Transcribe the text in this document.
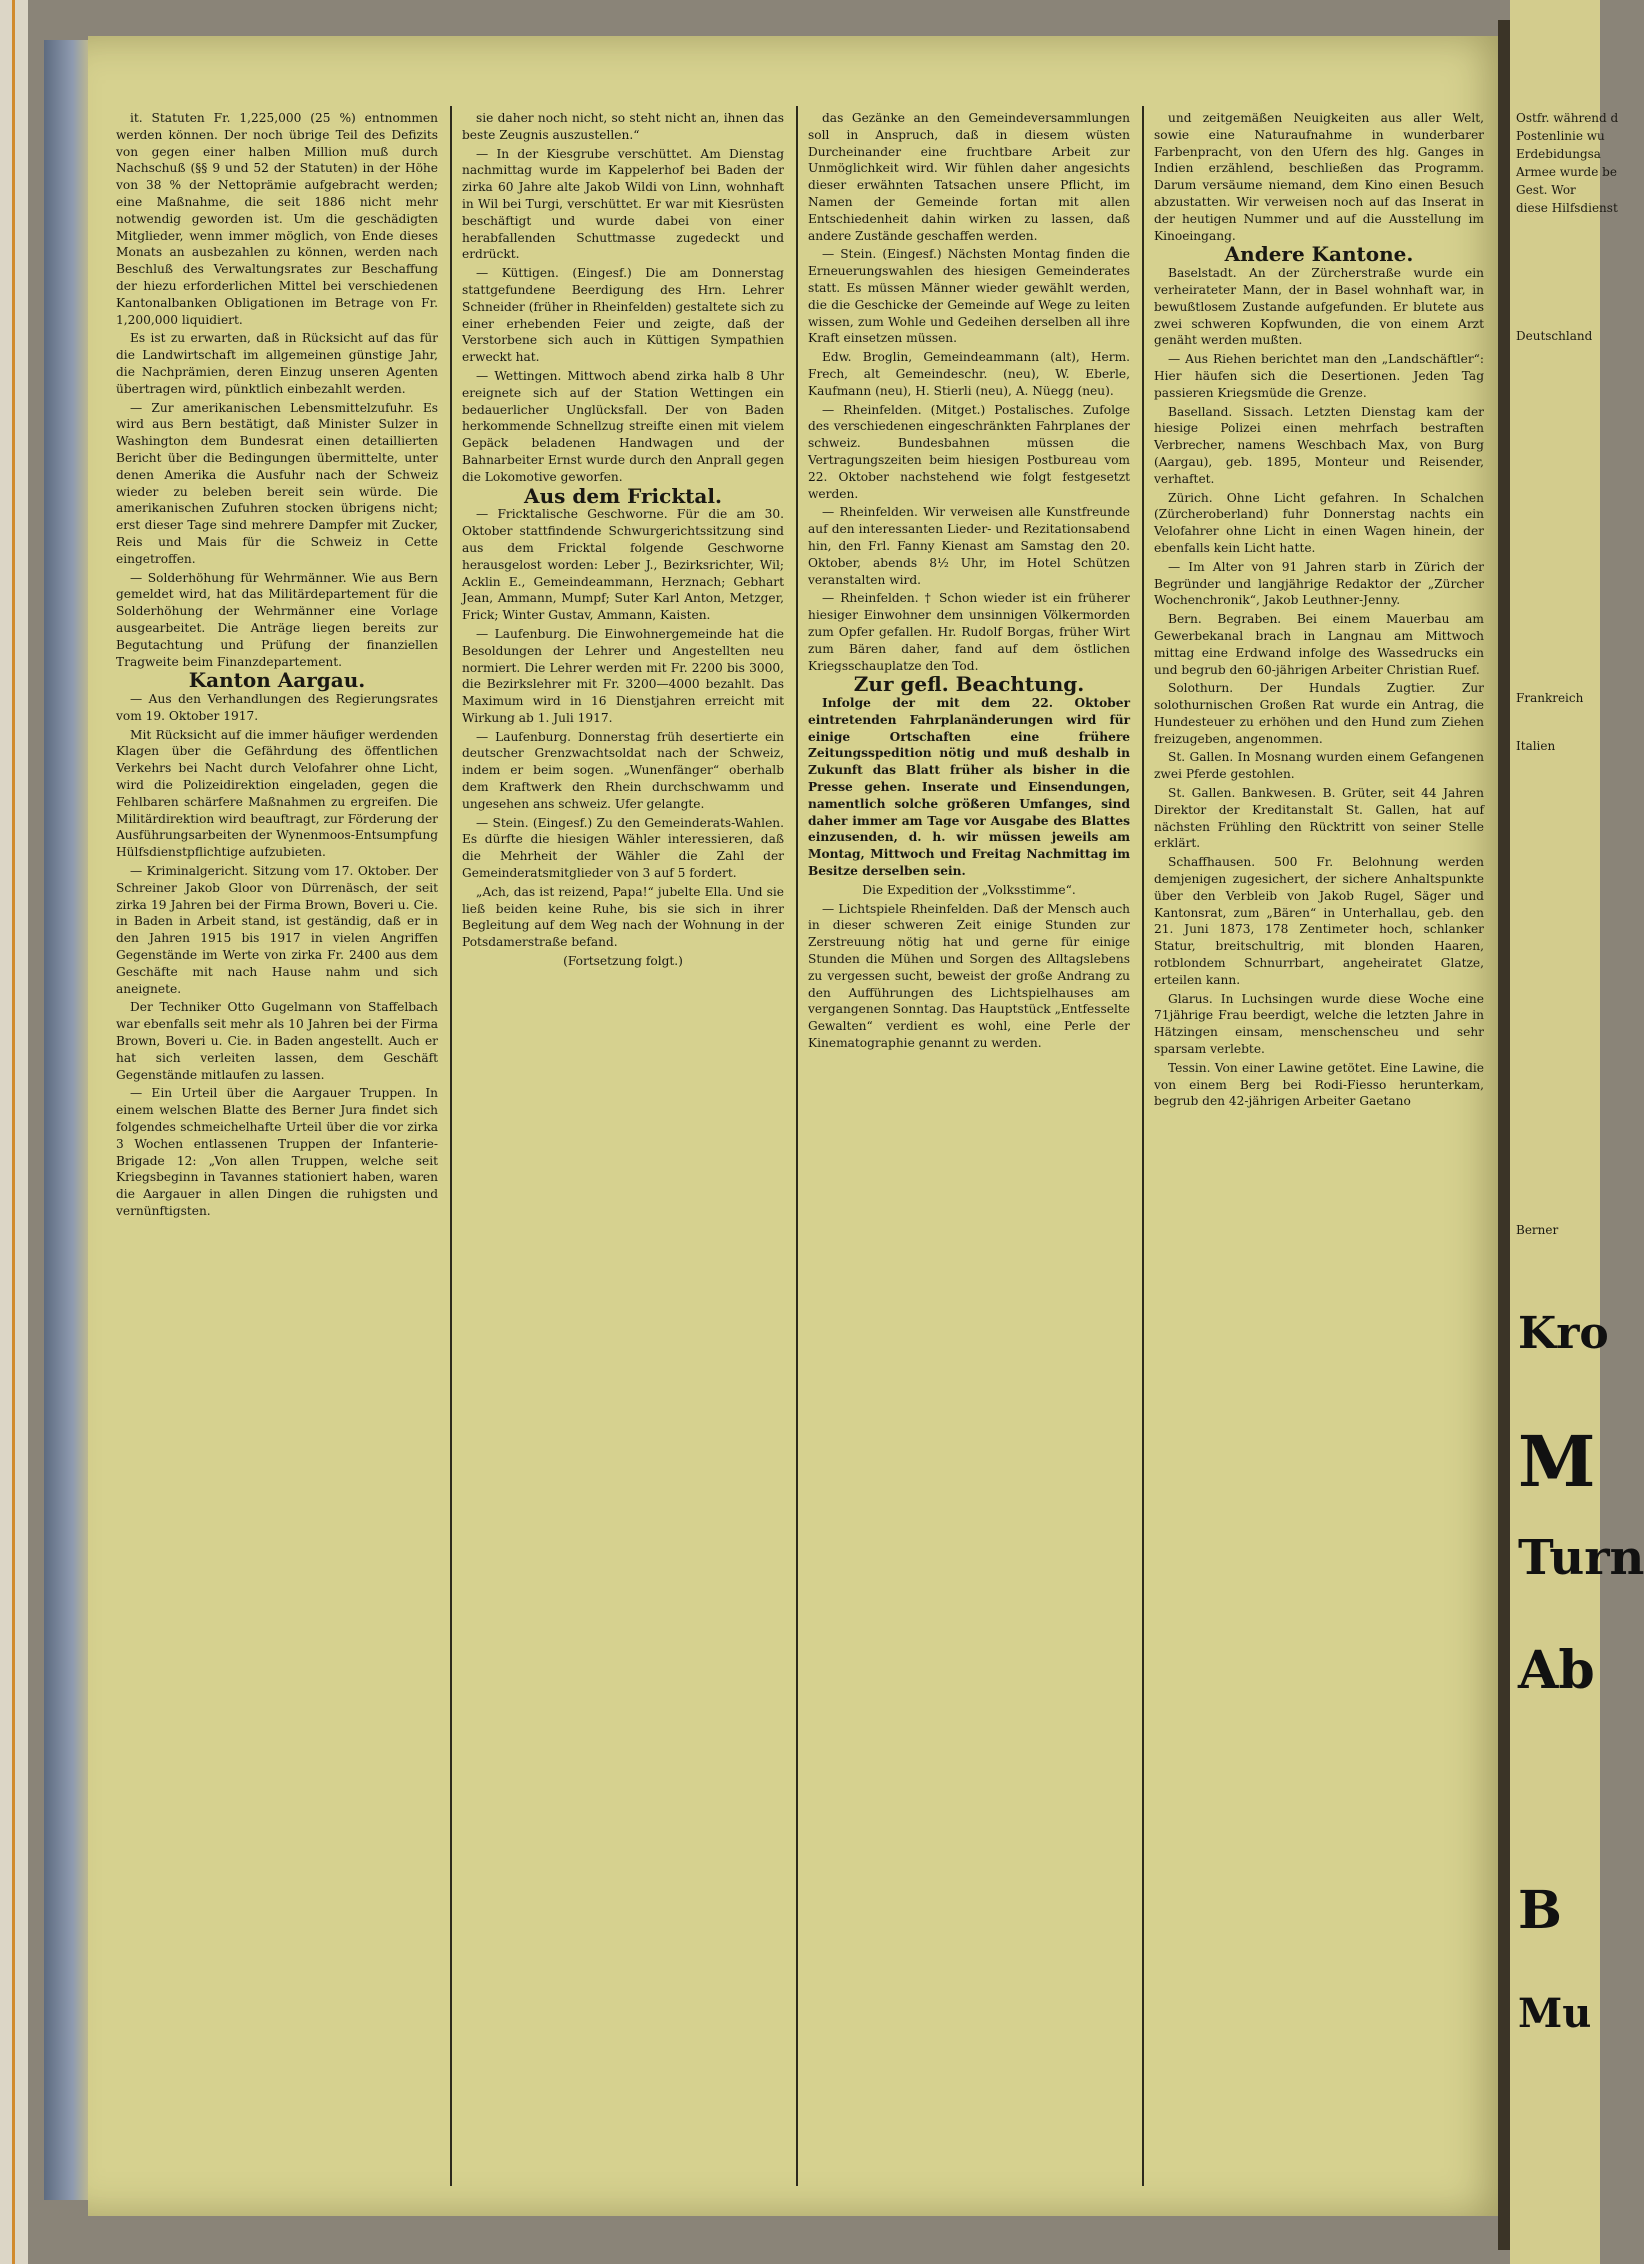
it. Statuten Fr. 1,225,000 (25 %) entnommen werden können. Der noch übrige Teil des Defizits von gegen einer halben Million muß durch Nachschuß (§§ 9 und 52 der Statuten) in der Höhe von 38 % der Nettoprämie aufgebracht werden; eine Maßnahme, die seit 1886 nicht mehr notwendig geworden ist. Um die geschädigten Mitglieder, wenn immer möglich, von Ende dieses Monats an ausbezahlen zu können, werden nach Beschluß des Verwaltungsrates zur Beschaffung der hiezu erforderlichen Mittel bei verschiedenen Kantonalbanken Obligationen im Betrage von Fr. 1,200,000 liquidiert.

Es ist zu erwarten, daß in Rücksicht auf das für die Landwirtschaft im allgemeinen günstige Jahr, die Nachprämien, deren Einzug unseren Agenten übertragen wird, pünktlich einbezahlt werden.

— Zur amerikanischen Lebensmittelzufuhr. Es wird aus Bern bestätigt, daß Minister Sulzer in Washington dem Bundesrat einen detaillierten Bericht über die Bedingungen übermittelte, unter denen Amerika die Ausfuhr nach der Schweiz wieder zu beleben bereit sein würde. Die amerikanischen Zufuhren stocken übrigens nicht; erst dieser Tage sind mehrere Dampfer mit Zucker, Reis und Mais für die Schweiz in Cette eingetroffen.

— Solderhöhung für Wehrmänner. Wie aus Bern gemeldet wird, hat das Militärdepartement für die Solderhöhung der Wehrmänner eine Vorlage ausgearbeitet. Die Anträge liegen bereits zur Begutachtung und Prüfung der finanziellen Tragweite beim Finanzdepartement.

Kanton Aargau.

— Aus den Verhandlungen des Regierungsrates vom 19. Oktober 1917.

Mit Rücksicht auf die immer häufiger werdenden Klagen über die Gefährdung des öffentlichen Verkehrs bei Nacht durch Velofahrer ohne Licht, wird die Polizeidirektion eingeladen, gegen die Fehlbaren schärfere Maßnahmen zu ergreifen. Die Militärdirektion wird beauftragt, zur Förderung der Ausführungsarbeiten der Wynenmoos-Entsumpfung Hülfsdienstpflichtige aufzubieten.

— Kriminalgericht. Sitzung vom 17. Oktober. Der Schreiner Jakob Gloor von Dürrenäsch, der seit zirka 19 Jahren bei der Firma Brown, Boveri u. Cie. in Baden in Arbeit stand, ist geständig, daß er in den Jahren 1915 bis 1917 in vielen Angriffen Gegenstände im Werte von zirka Fr. 2400 aus dem Geschäfte mit nach Hause nahm und sich aneignete.

Der Techniker Otto Gugelmann von Staffelbach war ebenfalls seit mehr als 10 Jahren bei der Firma Brown, Boveri u. Cie. in Baden angestellt. Auch er hat sich verleiten lassen, dem Geschäft Gegenstände mitlaufen zu lassen.

— Ein Urteil über die Aargauer Truppen. In einem welschen Blatte des Berner Jura findet sich folgendes schmeichelhafte Urteil über die vor zirka 3 Wochen entlassenen Truppen der Infanterie-Brigade 12: „Von allen Truppen, welche seit Kriegsbeginn in Tavannes stationiert haben, waren die Aargauer in allen Dingen die ruhigsten und vernünftigsten.

sie daher noch nicht, so steht nicht an, ihnen das beste Zeugnis auszustellen.“

— In der Kiesgrube verschüttet. Am Dienstag nachmittag wurde im Kappelerhof bei Baden der zirka 60 Jahre alte Jakob Wildi von Linn, wohnhaft in Wil bei Turgi, verschüttet. Er war mit Kiesrüsten beschäftigt und wurde dabei von einer herabfallenden Schuttmasse zugedeckt und erdrückt.

— Küttigen. (Eingesf.) Die am Donnerstag stattgefundene Beerdigung des Hrn. Lehrer Schneider (früher in Rheinfelden) gestaltete sich zu einer erhebenden Feier und zeigte, daß der Verstorbene sich auch in Küttigen Sympathien erweckt hat.

— Wettingen. Mittwoch abend zirka halb 8 Uhr ereignete sich auf der Station Wettingen ein bedauerlicher Unglücksfall. Der von Baden herkommende Schnellzug streifte einen mit vielem Gepäck beladenen Handwagen und der Bahnarbeiter Ernst wurde durch den Anprall gegen die Lokomotive geworfen.

Aus dem Fricktal.

— Fricktalische Geschworne. Für die am 30. Oktober stattfindende Schwurgerichtssitzung sind aus dem Fricktal folgende Geschworne herausgelost worden: Leber J., Bezirksrichter, Wil; Acklin E., Gemeindeammann, Herznach; Gebhart Jean, Ammann, Mumpf; Suter Karl Anton, Metzger, Frick; Winter Gustav, Ammann, Kaisten.

— Laufenburg. Die Einwohnergemeinde hat die Besoldungen der Lehrer und Angestellten neu normiert. Die Lehrer werden mit Fr. 2200 bis 3000, die Bezirkslehrer mit Fr. 3200—4000 bezahlt. Das Maximum wird in 16 Dienstjahren erreicht mit Wirkung ab 1. Juli 1917.

— Laufenburg. Donnerstag früh desertierte ein deutscher Grenzwachtsoldat nach der Schweiz, indem er beim sogen. „Wunenfänger“ oberhalb dem Kraftwerk den Rhein durchschwamm und ungesehen ans schweiz. Ufer gelangte.

— Stein. (Eingesf.) Zu den Gemeinderats-Wahlen. Es dürfte die hiesigen Wähler interessieren, daß die Mehrheit der Wähler die Zahl der Gemeinderatsmitglieder von 3 auf 5 fordert.

„Ach, das ist reizend, Papa!“ jubelte Ella. Und sie ließ beiden keine Ruhe, bis sie sich in ihrer Begleitung auf dem Weg nach der Wohnung in der Potsdamerstraße befand.

(Fortsetzung folgt.)

das Gezänke an den Gemeindeversammlungen soll in Anspruch, daß in diesem wüsten Durcheinander eine fruchtbare Arbeit zur Unmöglichkeit wird. Wir fühlen daher angesichts dieser erwähnten Tatsachen unsere Pflicht, im Namen der Gemeinde fortan mit allen Entschiedenheit dahin wirken zu lassen, daß andere Zustände geschaffen werden.

— Stein. (Eingesf.) Nächsten Montag finden die Erneuerungswahlen des hiesigen Gemeinderates statt. Es müssen Männer wieder gewählt werden, die die Geschicke der Gemeinde auf Wege zu leiten wissen, zum Wohle und Gedeihen derselben all ihre Kraft einsetzen müssen.

Edw. Broglin, Gemeindeammann (alt), Herm. Frech, alt Gemeindeschr. (neu), W. Eberle, Kaufmann (neu), H. Stierli (neu), A. Nüegg (neu).

— Rheinfelden. (Mitget.) Postalisches. Zufolge des verschiedenen eingeschränkten Fahrplanes der schweiz. Bundesbahnen müssen die Vertragungszeiten beim hiesigen Postbureau vom 22. Oktober nachstehend wie folgt festgesetzt werden.

— Rheinfelden. Wir verweisen alle Kunstfreunde auf den interessanten Lieder- und Rezitationsabend hin, den Frl. Fanny Kienast am Samstag den 20. Oktober, abends 8½ Uhr, im Hotel Schützen veranstalten wird.

— Rheinfelden. † Schon wieder ist ein früherer hiesiger Einwohner dem unsinnigen Völkermorden zum Opfer gefallen. Hr. Rudolf Borgas, früher Wirt zum Bären daher, fand auf dem östlichen Kriegsschauplatze den Tod.

Zur gefl. Beachtung.

Infolge der mit dem 22. Oktober eintretenden Fahrplanänderungen wird für einige Ortschaften eine frühere Zeitungsspedition nötig und muß deshalb in Zukunft das Blatt früher als bisher in die Presse gehen. Inserate und Einsendungen, namentlich solche größeren Umfanges, sind daher immer am Tage vor Ausgabe des Blattes einzusenden, d. h. wir müssen jeweils am Montag, Mittwoch und Freitag Nachmittag im Besitze derselben sein.

Die Expedition der „Volksstimme“.

— Lichtspiele Rheinfelden. Daß der Mensch auch in dieser schweren Zeit einige Stunden zur Zerstreuung nötig hat und gerne für einige Stunden die Mühen und Sorgen des Alltagslebens zu vergessen sucht, beweist der große Andrang zu den Aufführungen des Lichtspielhauses am vergangenen Sonntag. Das Hauptstück „Entfesselte Gewalten“ verdient es wohl, eine Perle der Kinematographie genannt zu werden.

und zeitgemäßen Neuigkeiten aus aller Welt, sowie eine Naturaufnahme in wunderbarer Farbenpracht, von den Ufern des hlg. Ganges in Indien erzählend, beschließen das Programm. Darum versäume niemand, dem Kino einen Besuch abzustatten. Wir verweisen noch auf das Inserat in der heutigen Nummer und auf die Ausstellung im Kinoeingang.

Andere Kantone.

Baselstadt. An der Zürcherstraße wurde ein verheirateter Mann, der in Basel wohnhaft war, in bewußtlosem Zustande aufgefunden. Er blutete aus zwei schweren Kopfwunden, die von einem Arzt genäht werden mußten.

— Aus Riehen berichtet man den „Landschäftler“: Hier häufen sich die Desertionen. Jeden Tag passieren Kriegsmüde die Grenze.

Baselland. Sissach. Letzten Dienstag kam der hiesige Polizei einen mehrfach bestraften Verbrecher, namens Weschbach Max, von Burg (Aargau), geb. 1895, Monteur und Reisender, verhaftet.

Zürich. Ohne Licht gefahren. In Schalchen (Zürcheroberland) fuhr Donnerstag nachts ein Velofahrer ohne Licht in einen Wagen hinein, der ebenfalls kein Licht hatte.

— Im Alter von 91 Jahren starb in Zürich der Begründer und langjährige Redaktor der „Zürcher Wochenchronik“, Jakob Leuthner-Jenny.

Bern. Begraben. Bei einem Mauerbau am Gewerbekanal brach in Langnau am Mittwoch mittag eine Erdwand infolge des Wassedrucks ein und begrub den 60-jährigen Arbeiter Christian Ruef.

Solothurn. Der Hundals Zugtier. Zur solothurnischen Großen Rat wurde ein Antrag, die Hundesteuer zu erhöhen und den Hund zum Ziehen freizugeben, angenommen.

St. Gallen. In Mosnang wurden einem Gefangenen zwei Pferde gestohlen.

St. Gallen. Bankwesen. B. Grüter, seit 44 Jahren Direktor der Kreditanstalt St. Gallen, hat auf nächsten Frühling den Rücktritt von seiner Stelle erklärt.

Schaffhausen. 500 Fr. Belohnung werden demjenigen zugesichert, der sichere Anhaltspunkte über den Verbleib von Jakob Rugel, Säger und Kantonsrat, zum „Bären“ in Unterhallau, geb. den 21. Juni 1873, 178 Zentimeter hoch, schlanker Statur, breitschultrig, mit blonden Haaren, rotblondem Schnurrbart, angeheiratet Glatze, erteilen kann.

Glarus. In Luchsingen wurde diese Woche eine 71jährige Frau beerdigt, welche die letzten Jahre in Hätzingen einsam, menschenscheu und sehr sparsam verlebte.

Tessin. Von einer Lawine getötet. Eine Lawine, die von einem Berg bei Rodi-Fiesso herunterkam, begrub den 42-jährigen Arbeiter Gaetano

Ostfr. während d
Postenlinie wu
Erdebidungsa
Armee wurde be
Gest. Wor
diese Hilfsdienst
Deutschland
Frankreich
Italien
Berner
Kro
M
Turn
Ab
B
Mu
